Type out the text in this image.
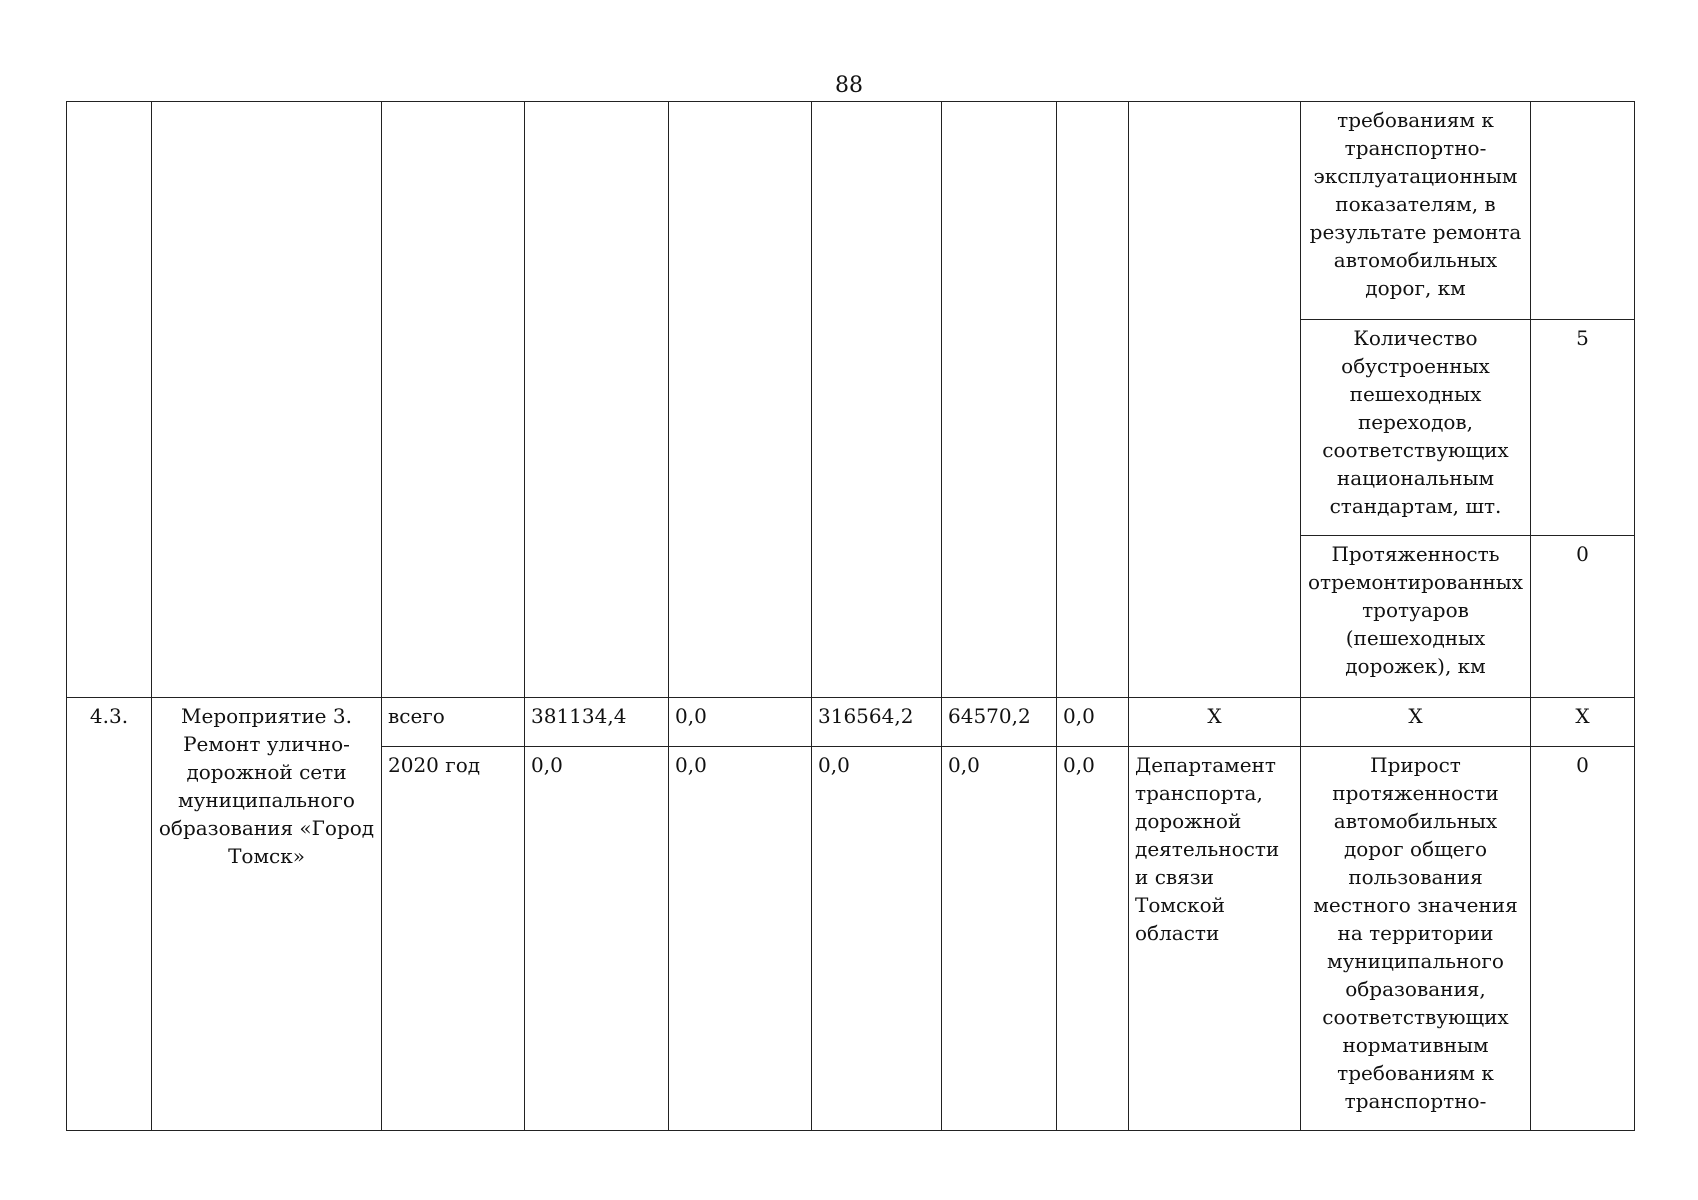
88
									требованиям к транспортно-эксплуатационным показателям, в результате ремонта автомобильных дорог, км	
									Количество обустроенных пешеходных переходов, соответствующих национальным стандартам, шт.	5
									Протяженность отремонтированных тротуаров (пешеходных дорожек), км	0
4.3.	Мероприятие 3. Ремонт улично-дорожной сети муниципального образования «Город Томск»	всего	381134,4	0,0	316564,2	64570,2	0,0	X	X	X
		2020 год	0,0	0,0	0,0	0,0	0,0	Департамент транспорта, дорожной деятельности и связи Томской области	Прирост протяженности автомобильных дорог общего пользования местного значения на территории муниципального образования, соответствующих нормативным требованиям к транспортно-	0
